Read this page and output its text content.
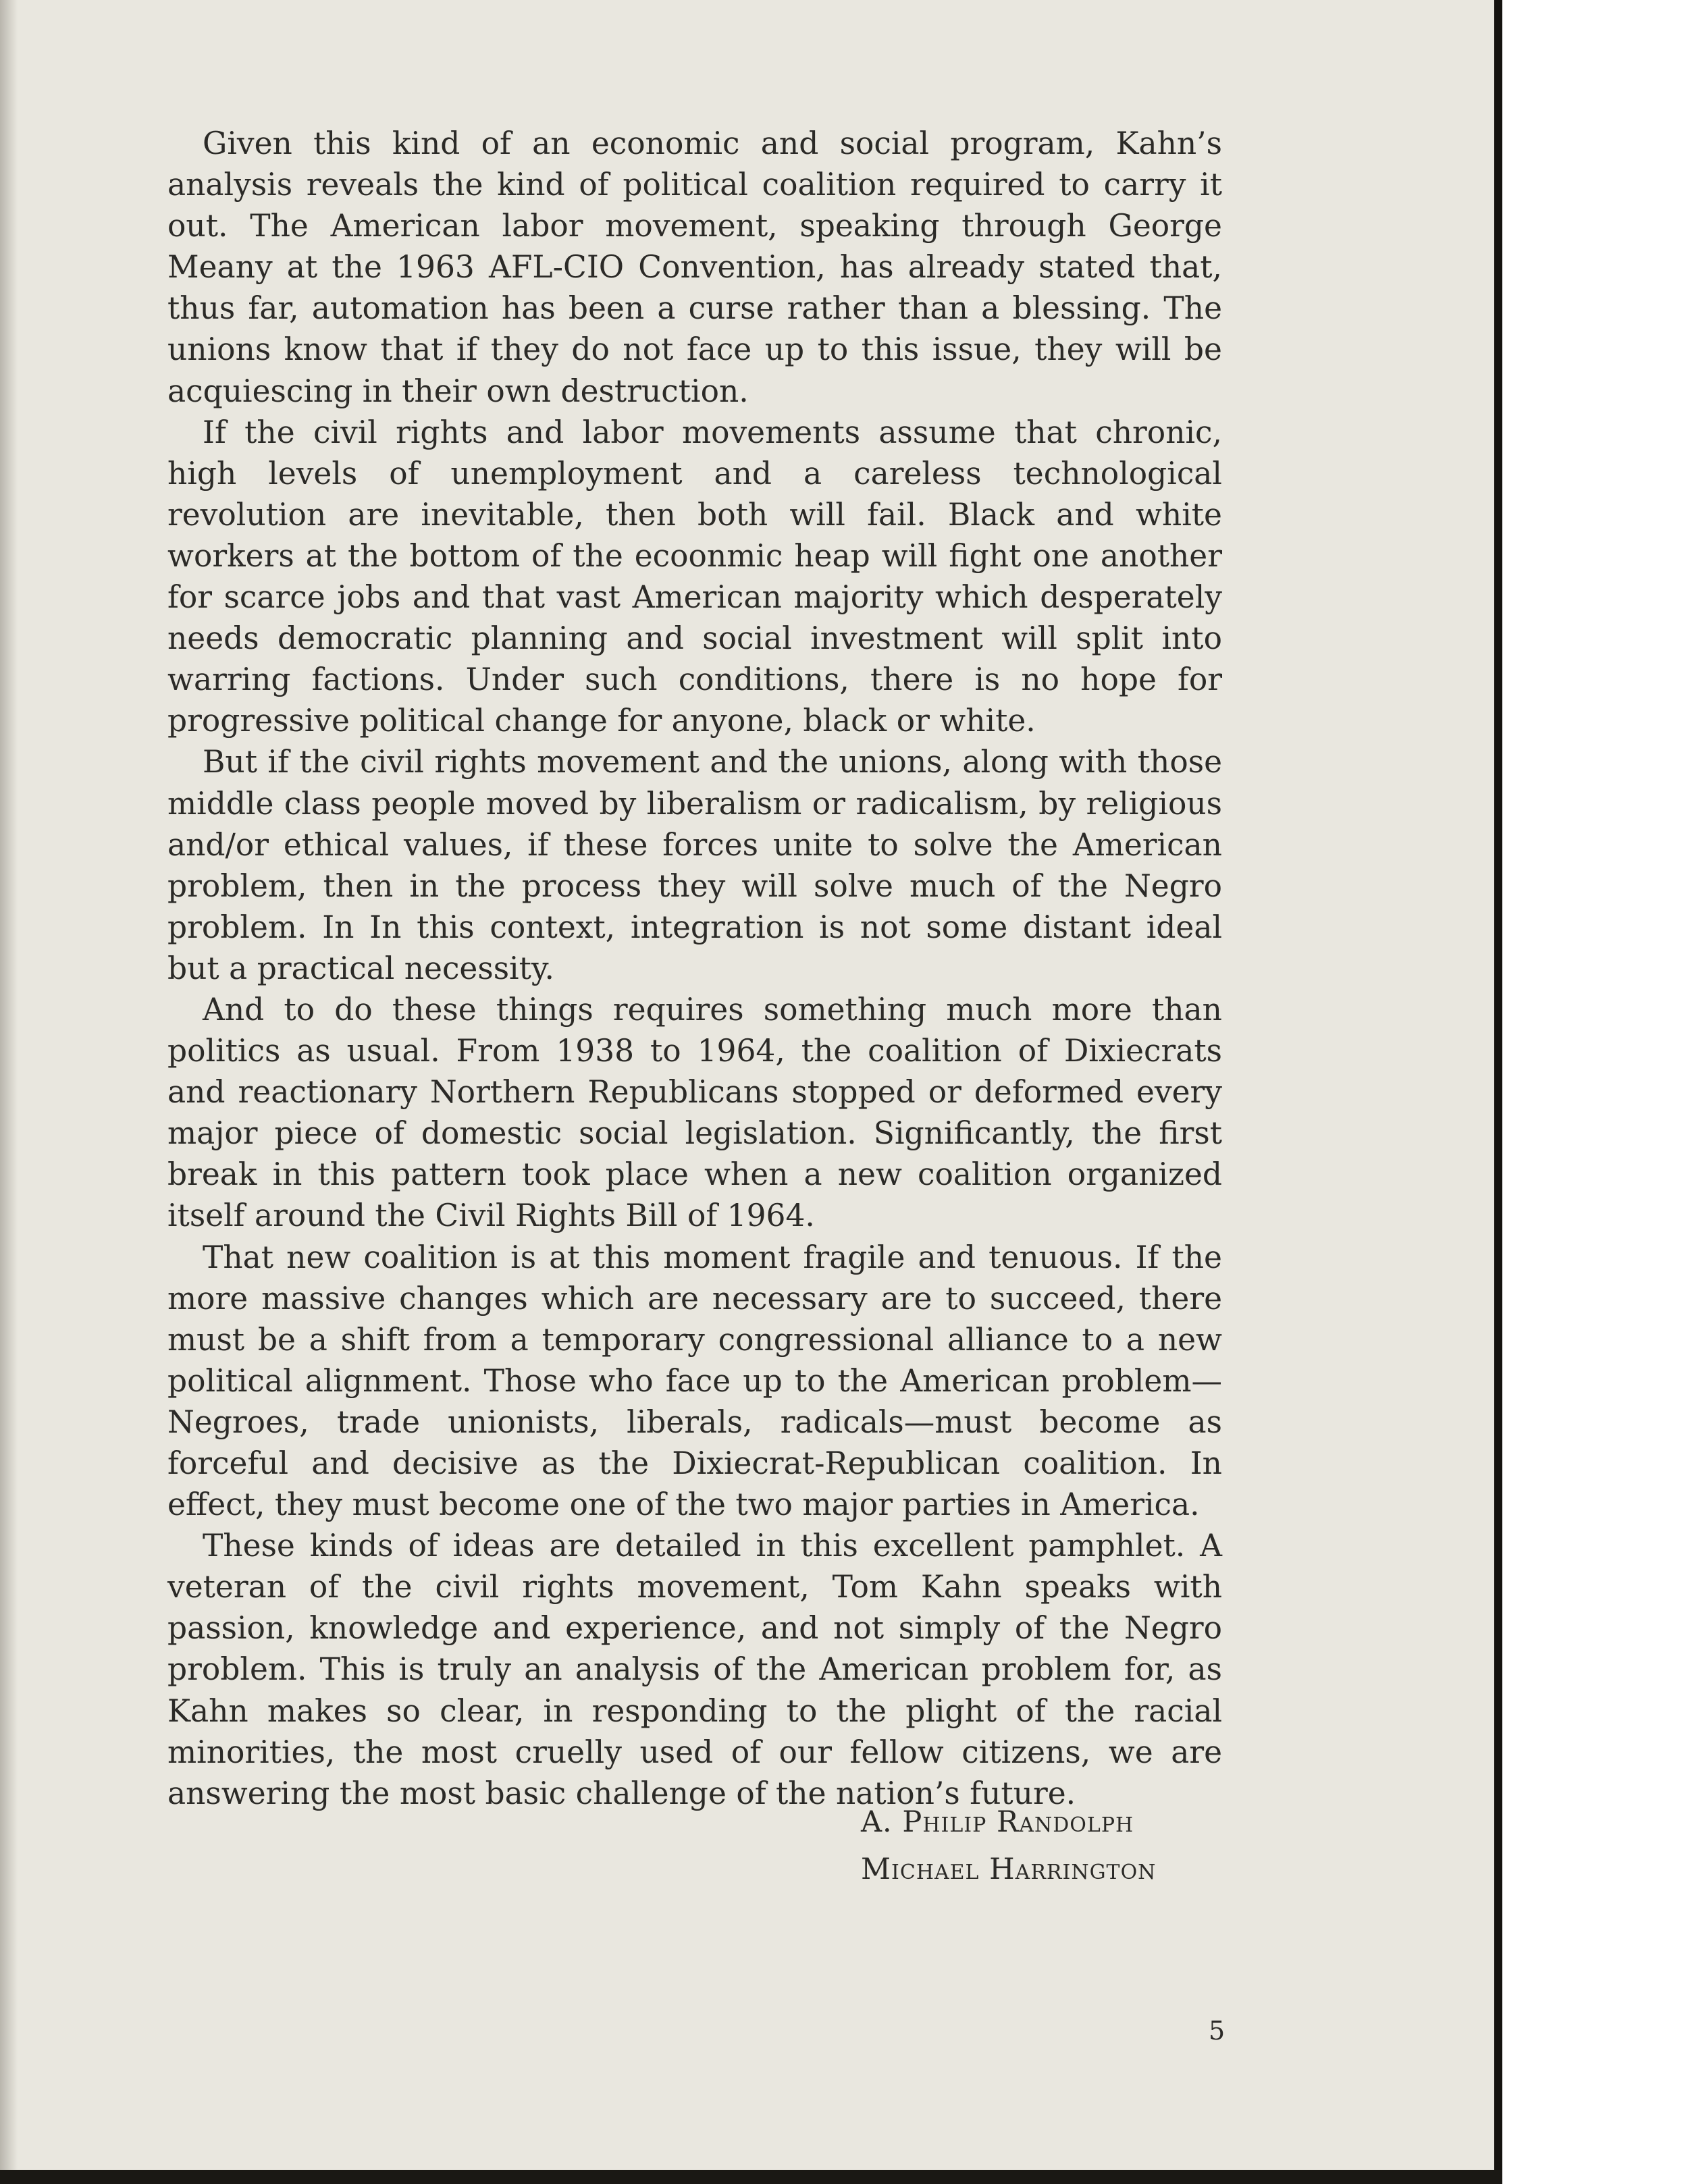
Given this kind of an economic and social program, Kahn’s analysis reveals the kind of political coalition required to carry it out. The American labor movement, speaking through George Meany at the 1963 AFL-CIO Convention, has already stated that, thus far, automation has been a curse rather than a blessing. The unions know that if they do not face up to this issue, they will be acquiescing in their own destruction.

If the civil rights and labor movements assume that chronic, high levels of unemployment and a careless technological revolution are inevitable, then both will fail. Black and white workers at the bottom of the ecoonmic heap will fight one another for scarce jobs and that vast American majority which desperately needs democratic planning and social investment will split into warring factions. Under such conditions, there is no hope for progressive political change for anyone, black or white.

But if the civil rights movement and the unions, along with those middle class people moved by liberalism or radicalism, by religious and/or ethical values, if these forces unite to solve the American problem, then in the process they will solve much of the Negro problem. In In this context, integration is not some distant ideal but a practical necessity.

And to do these things requires something much more than politics as usual. From 1938 to 1964, the coalition of Dixiecrats and reactionary Northern Republicans stopped or deformed every major piece of domestic social legislation. Significantly, the first break in this pattern took place when a new coalition organized itself around the Civil Rights Bill of 1964.

That new coalition is at this moment fragile and tenuous. If the more massive changes which are necessary are to succeed, there must be a shift from a temporary congressional alliance to a new political alignment. Those who face up to the American problem—Negroes, trade unionists, liberals, radicals—must become as forceful and decisive as the Dixiecrat-Republican coalition. In effect, they must become one of the two major parties in America.

These kinds of ideas are detailed in this excellent pamphlet. A veteran of the civil rights movement, Tom Kahn speaks with passion, knowledge and experience, and not simply of the Negro problem. This is truly an analysis of the American problem for, as Kahn makes so clear, in responding to the plight of the racial minorities, the most cruelly used of our fellow citizens, we are answering the most basic challenge of the nation’s future.

A. Philip Randolph
Michael Harrington
5
